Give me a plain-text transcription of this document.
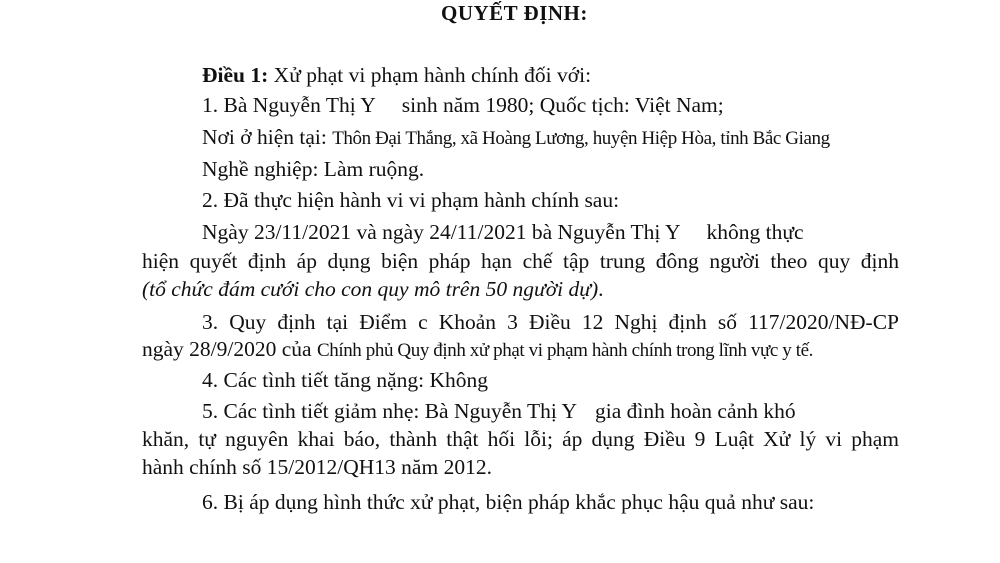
QUYẾT ĐỊNH:
Điều 1: Xử phạt vi phạm hành chính đối với:
1. Bà Nguyễn Thị Y sinh năm 1980; Quốc tịch: Việt Nam;
Nơi ở hiện tại: Thôn Đại Thắng, xã Hoàng Lương, huyện Hiệp Hòa, tỉnh Bắc Giang
Nghề nghiệp: Làm ruộng.
2. Đã thực hiện hành vi vi phạm hành chính sau:
Ngày 23/11/2021 và ngày 24/11/2021 bà Nguyễn Thị Y không thực
hiện quyết định áp dụng biện pháp hạn chế tập trung đông người theo quy định
(tổ chức đám cưới cho con quy mô trên 50 người dự).
3. Quy định tại Điểm c Khoản 3 Điều 12 Nghị định số 117/2020/NĐ-CP
ngày 28/9/2020 của Chính phủ Quy định xử phạt vi phạm hành chính trong lĩnh vực y tế.
4. Các tình tiết tăng nặng: Không
5. Các tình tiết giảm nhẹ: Bà Nguyễn Thị Y gia đình hoàn cảnh khó
khăn, tự nguyên khai báo, thành thật hối lỗi; áp dụng Điều 9 Luật Xử lý vi phạm
hành chính số 15/2012/QH13 năm 2012.
6. Bị áp dụng hình thức xử phạt, biện pháp khắc phục hậu quả như sau:
